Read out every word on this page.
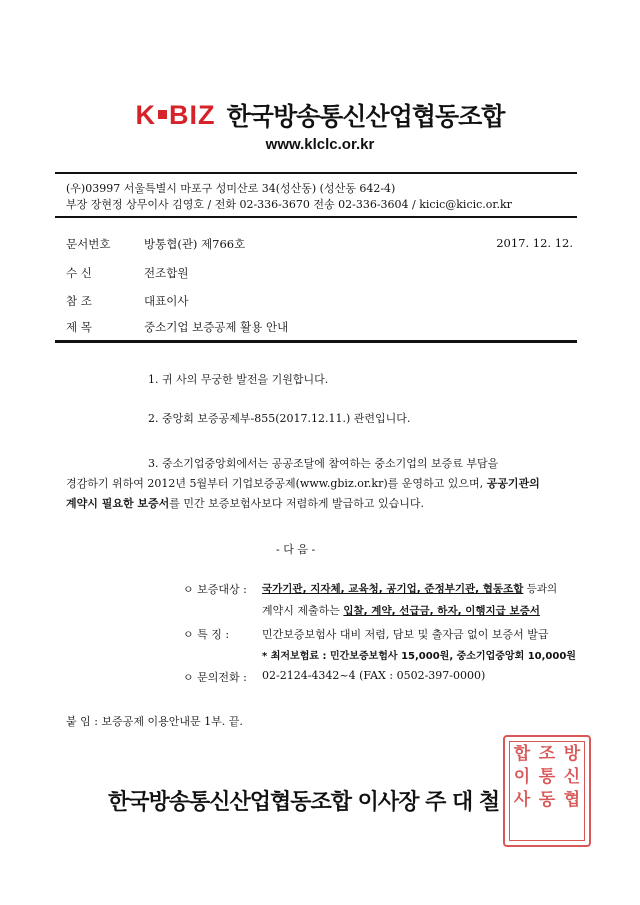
K BIZ 한국방송통신산업협동조합
www.klclc.or.kr
(우)03997 서울특별시 마포구 성미산로 34(성산동) (성산동 642-4)
부장 장현정 상무이사 김영호 / 전화 02-336-3670 전송 02-336-3604 / kicic@kicic.or.kr
문서번호	방통협(관) 제766호	2017. 12. 12.
수 신	전조합원
참 조	대표이사
제 목	중소기업 보증공제 활용 안내
1. 귀 사의 무궁한 발전을 기원합니다.
2. 중앙회 보증공제부-855(2017.12.11.) 관련입니다.
3. 중소기업중앙회에서는 공공조달에 참여하는 중소기업의 보증료 부담을
경감하기 위하여 2012년 5월부터 기업보증공제(www.gbiz.or.kr)를 운영하고 있으며, 공공기관의
계약시 필요한 보증서를 민간 보증보험사보다 저렴하게 발급하고 있습니다.
- 다 음 -
ㅇ 보증대상 : 국가기관, 지자체, 교육청, 공기업, 준정부기관, 협동조합 등과의
계약시 제출하는 입찰, 계약, 선급금, 하자, 이행지급 보증서
ㅇ 특 징 :	민간보증보험사 대비 저렴, 담보 및 출자금 없이 보증서 발급
* 최저보험료 : 민간보증보험사 15,000원, 중소기업중앙회 10,000원
ㅇ 문의전화 : 02-2124-4342~4 (FAX : 0502-397-0000)
붙 임 : 보증공제 이용안내문 1부. 끝.
한국방송통신산업협동조합 이사장 주 대 철
방
신
협
조
통
동
합
이
사
